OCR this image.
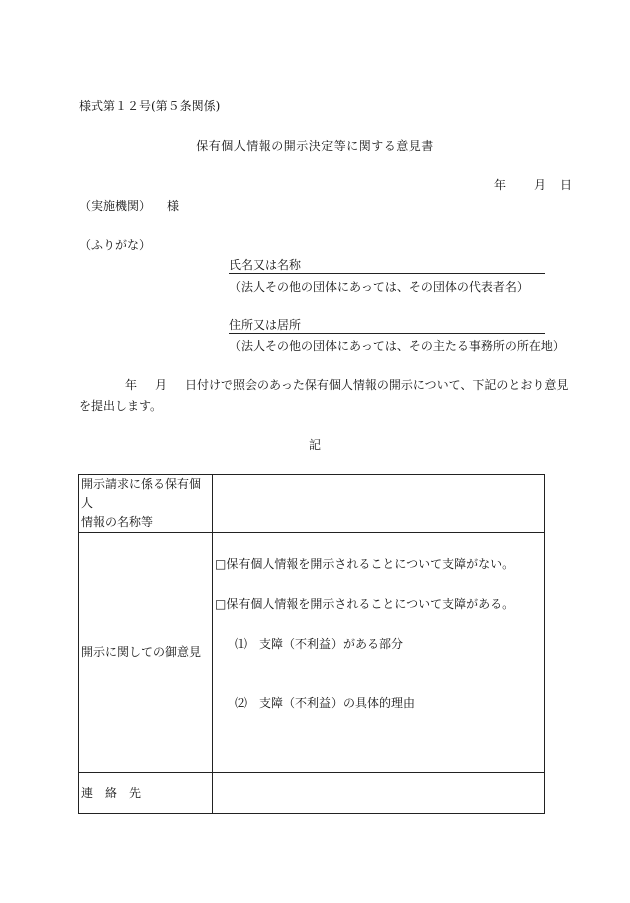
様式第１２号(第５条関係)
保有個人情報の開示決定等に関する意見書
年 月 日
（実施機関） 様
（ふりがな）
氏名又は名称
（法人その他の団体にあっては、その団体の代表者名）
住所又は居所
（法人その他の団体にあっては、その主たる事務所の所在地）
年 月 日付けで照会のあった保有個人情報の開示について、下記のとおり意見
を提出します。
記
開示請求に係る保有個人
情報の名称等	

開示に関しての御意見	□保有個人情報を開示されることについて支障がない。
□保有個人情報を開示されることについて支障がある。
⑴　支障（不利益）がある部分
⑵　支障（不利益）の具体的理由

連 絡 先	
